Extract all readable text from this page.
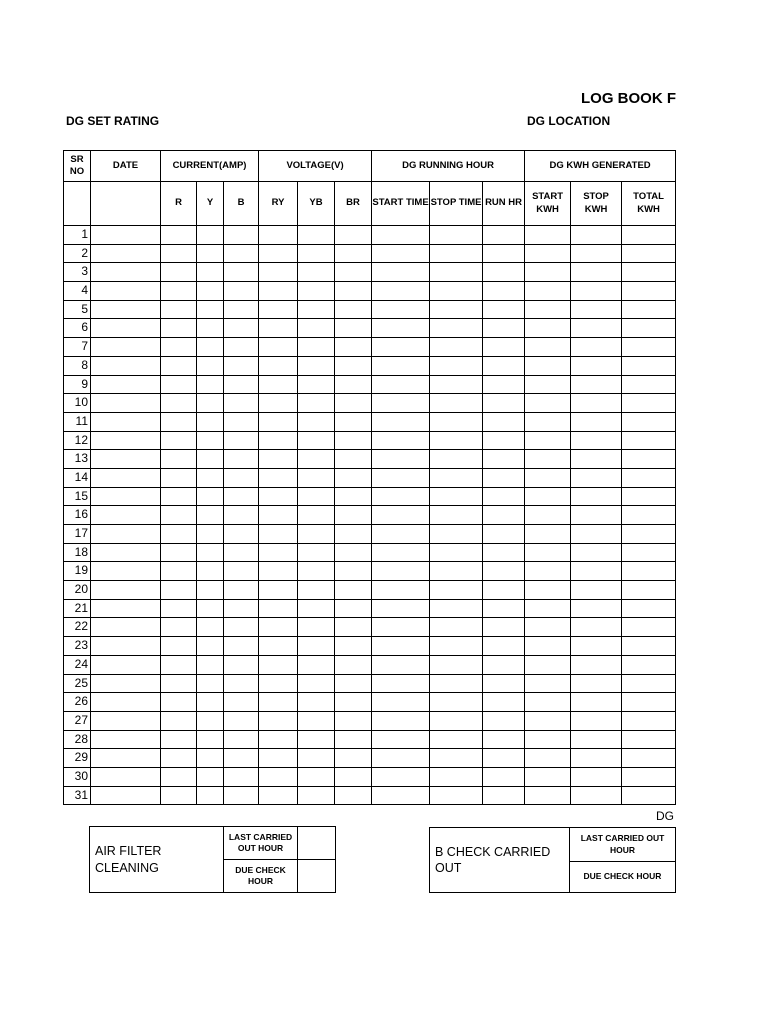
LOG BOOK F
DG SET RATING	DG LOCATION
SR NO	DATE	CURRENT(AMP)			VOLTAGE(V)			DG RUNNING HOUR			DG KWH GENERATED		
		R	Y	B	RY	YB	BR	START TIME	STOP TIME	RUN HR	START KWH	STOP KWH	TOTAL KWH
1													
2													
3													
4													
5													
6													
7													
8													
9													
10													
11													
12													
13													
14													
15													
16													
17													
18													
19													
20													
21													
22													
23													
24													
25													
26													
27													
28													
29													
30													
31													
DG
AIR FILTER CLEANING	LAST CARRIED OUT HOUR	
	DUE CHECK HOUR	
B CHECK CARRIED OUT	LAST CARRIED OUT HOUR
DUE CHECK HOUR
